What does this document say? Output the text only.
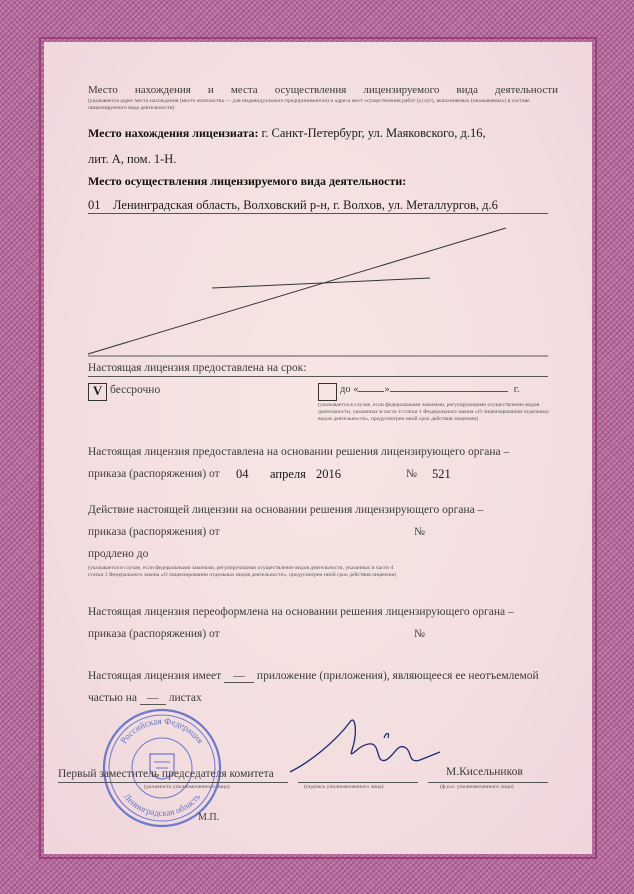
Место нахождения и места осуществления лицензируемого вида деятельности
(указывается адрес места нахождения (место жительства — для индивидуального предпринимателя) и адреса мест осуществления работ (услуг), выполняемых (оказываемых) в составе лицензируемого вида деятельности)
Место нахождения лицензиата: г. Санкт-Петербург, ул. Маяковского, д.16,
лит. А, пом. 1-Н.
Место осуществления лицензируемого вида деятельности:
01 Ленинградская область, Волховский р-н, г. Волхов, ул. Металлургов, д.6
Настоящая лицензия предоставлена на срок:
V бессрочно	до « »	г.
(указывается в случае, если федеральными законами, регулирующими осуществление видов деятельности, указанных в части 4 статьи 1 Федерального закона «О лицензировании отдельных видов деятельности», предусмотрен иной срок действия лицензии)
Настоящая лицензия предоставлена на основании решения лицензирующего органа –
приказа (распоряжения) от 04 апреля 2016	№ 521
Действие настоящей лицензии на основании решения лицензирующего органа –
приказа (распоряжения) от	№
продлено до
(указывается в случае, если федеральными законами, регулирующими осуществление видов деятельности, указанных в части 4 статьи 1 Федерального закона «О лицензировании отдельных видов деятельности», предусмотрен иной срок действия лицензии)
Настоящая лицензия переоформлена на основании решения лицензирующего органа –
приказа (распоряжения) от	№
Настоящая лицензия имеет — приложение (приложения), являющееся ее неотъемлемой
частью на — листах
Российская Федерация
Ленинградская область
Первый заместитель председателя комитета
(должность уполномоченного лица)	(подпись уполномоченного лица)
М.Кисельников
(ф.и.о. уполномоченного лица)
М.П.
